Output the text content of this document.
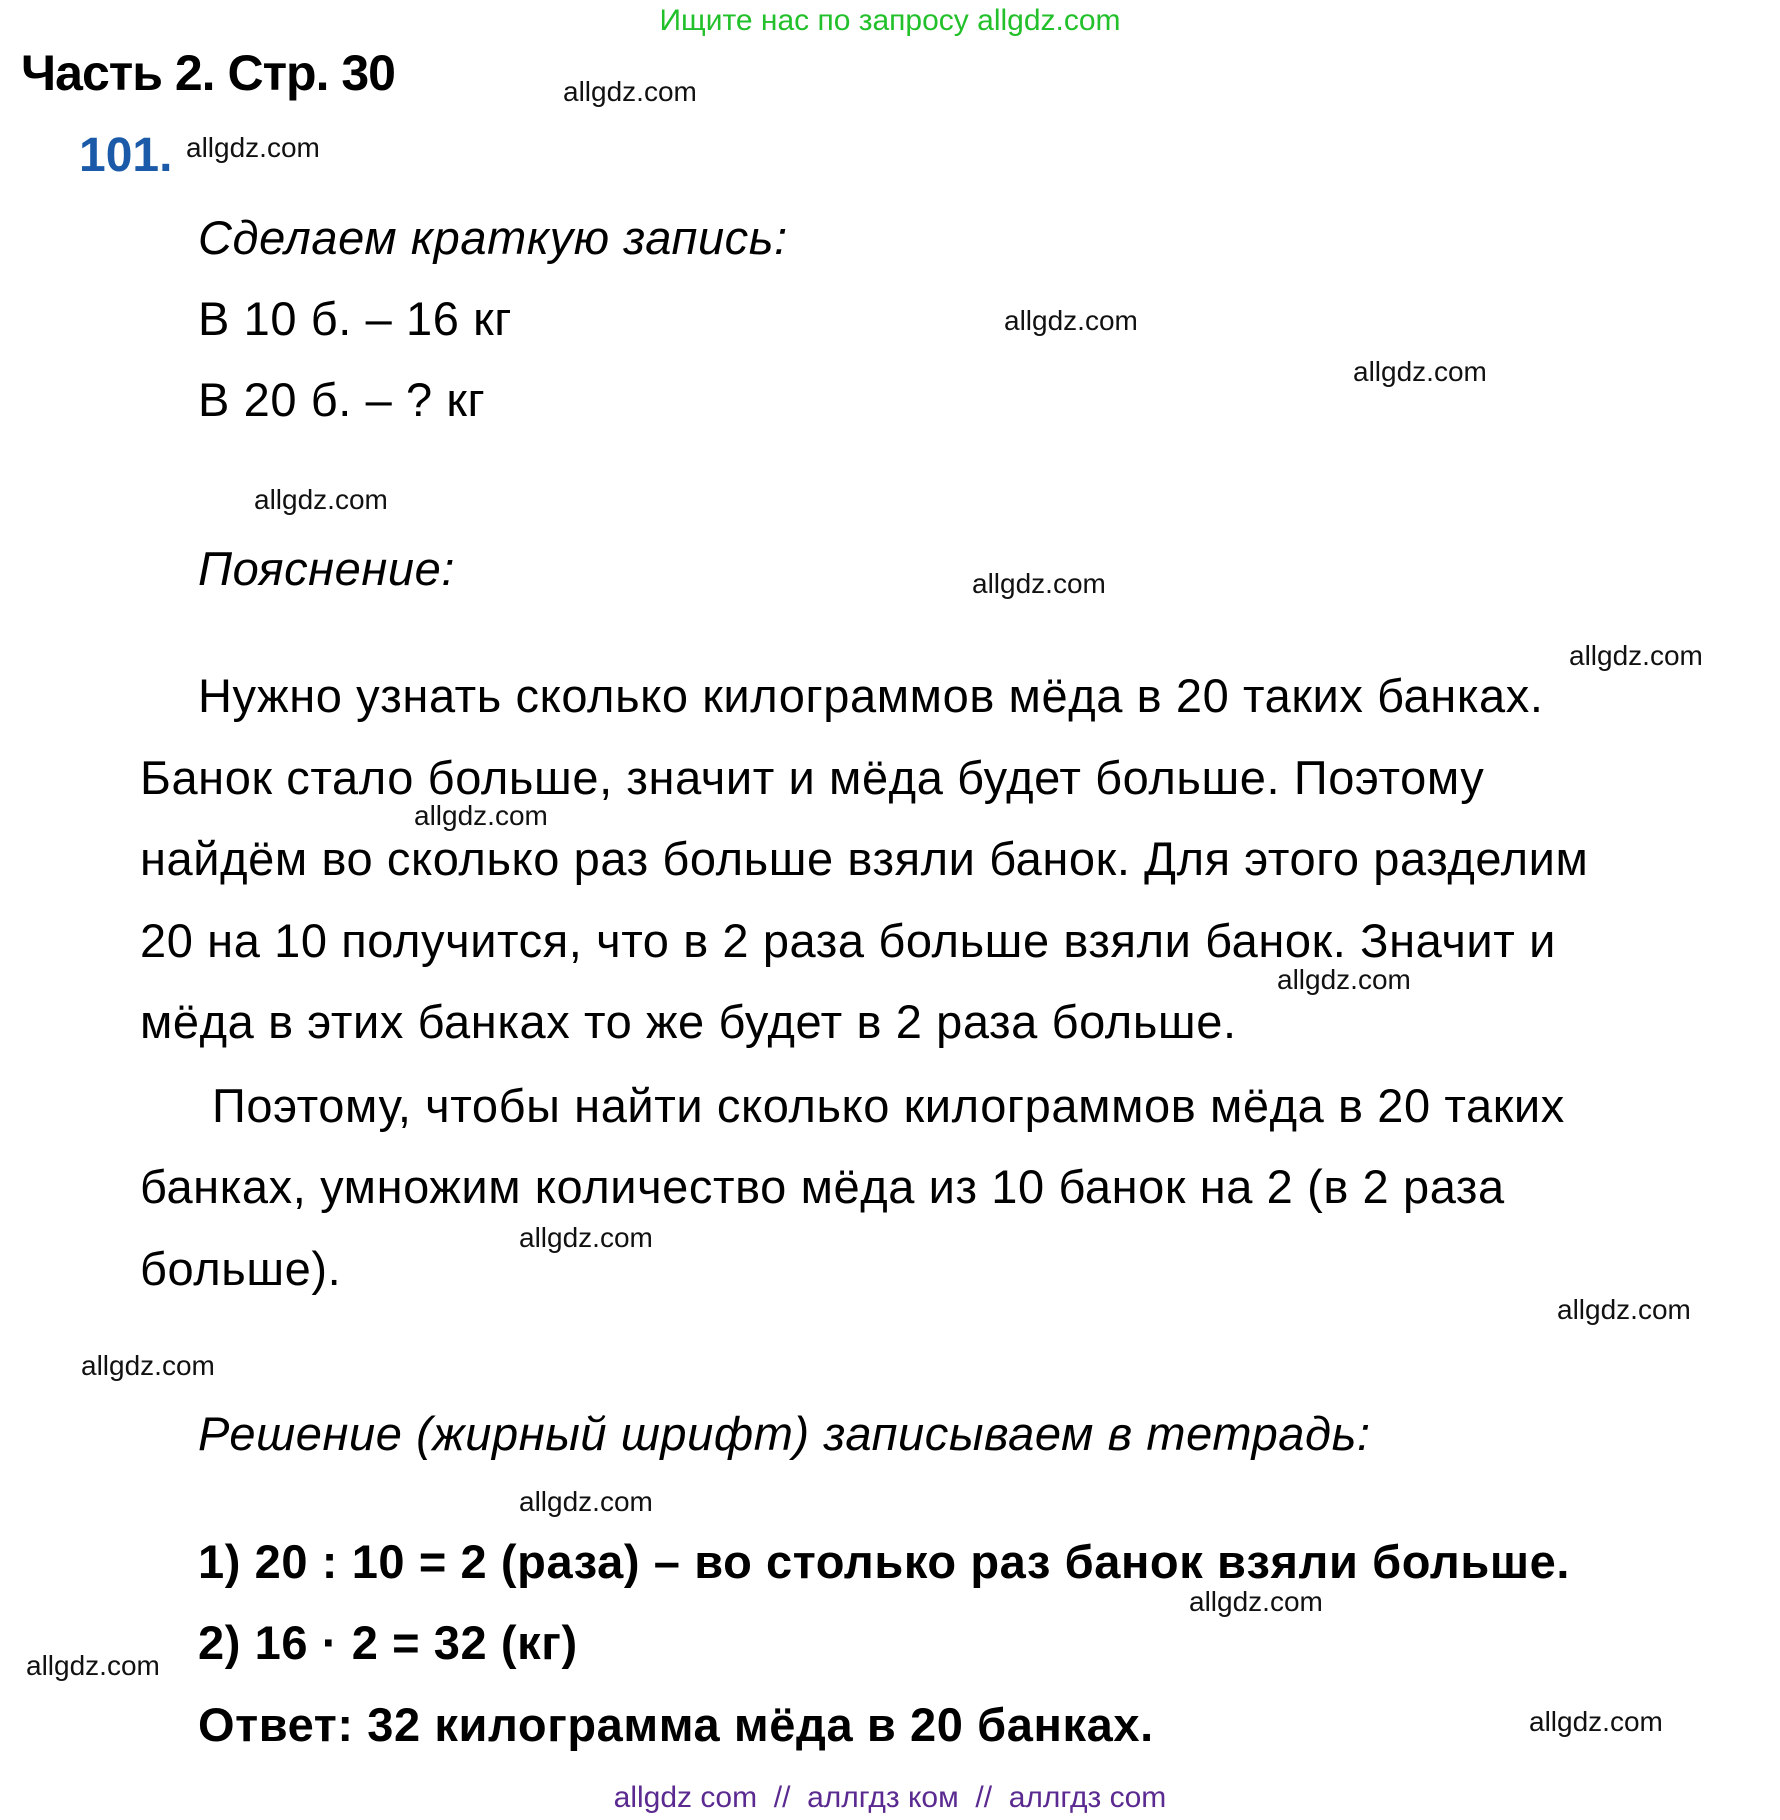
Ищите нас по запросу allgdz.com
Часть 2. Стр. 30
101.
Сделаем краткую запись:
В 10 б. – 16 кг
В 20 б. – ? кг
Пояснение:
Нужно узнать сколько килограммов мёда в 20 таких банках.
Банок стало больше, значит и мёда будет больше. Поэтому
найдём во сколько раз больше взяли банок. Для этого разделим
20 на 10 получится, что в 2 раза больше взяли банок. Значит и
мёда в этих банках то же будет в 2 раза больше.
Поэтому, чтобы найти сколько килограммов мёда в 20 таких
банках, умножим количество мёда из 10 банок на 2 (в 2 раза
больше).
Решение (жирный шрифт) записываем в тетрадь:
1) 20 : 10 = 2 (раза) – во столько раз банок взяли больше.
2) 16 · 2 = 32 (кг)
Ответ: 32 килограмма мёда в 20 банках.
allgdz.com
allgdz.com
allgdz.com
allgdz.com
allgdz.com
allgdz.com
allgdz.com
allgdz.com
allgdz.com
allgdz.com
allgdz.com
allgdz.com
allgdz.com
allgdz.com
allgdz.com
allgdz.com
allgdz com  //  аллгдз ком  //  аллгдз com
